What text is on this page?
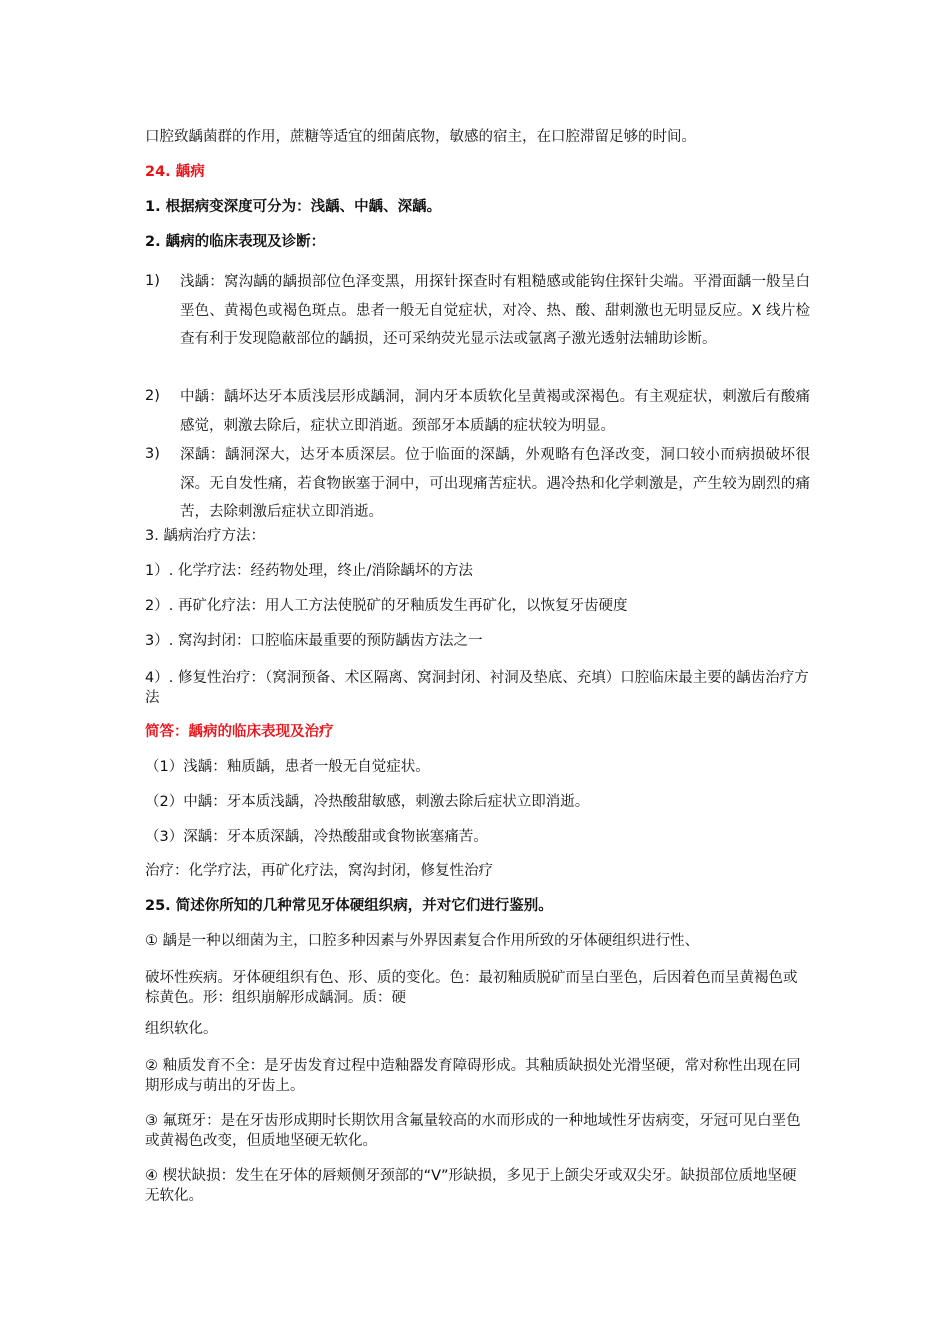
口腔致龋菌群的作用，蔗糖等适宜的细菌底物，敏感的宿主，在口腔滞留足够的时间。
24. 龋病
1. 根据病变深度可分为：浅龋、中龋、深龋。
2. 龋病的临床表现及诊断：
1) 浅龋：窝沟龋的龋损部位色泽变黑，用探针探查时有粗糙感或能钩住探针尖端。平滑面龋一般呈白垩色、黄褐色或褐色斑点。患者一般无自觉症状，对冷、热、酸、甜刺激也无明显反应。X 线片检查有利于发现隐蔽部位的龋损，还可采纳荧光显示法或氩离子激光透射法辅助诊断。
2) 中龋：龋坏达牙本质浅层形成龋洞，洞内牙本质软化呈黄褐或深褐色。有主观症状，刺激后有酸痛感觉，刺激去除后，症状立即消逝。颈部牙本质龋的症状较为明显。
3) 深龋：龋洞深大，达牙本质深层。位于临面的深龋，外观略有色泽改变，洞口较小而病损破坏很深。无自发性痛，若食物嵌塞于洞中，可出现痛苦症状。遇冷热和化学刺激是，产生较为剧烈的痛苦，去除刺激后症状立即消逝。
3. 龋病治疗方法：
1）. 化学疗法：经药物处理，终止/消除龋坏的方法
2）. 再矿化疗法：用人工方法使脱矿的牙釉质发生再矿化，以恢复牙齿硬度
3）. 窝沟封闭：口腔临床最重要的预防龋齿方法之一
4）. 修复性治疗：（窝洞预备、术区隔离、窝洞封闭、衬洞及垫底、充填）口腔临床最主要的龋齿治疗方法
简答：龋病的临床表现及治疗
（1）浅龋：釉质龋，患者一般无自觉症状。
（2）中龋：牙本质浅龋，冷热酸甜敏感，刺激去除后症状立即消逝。
（3）深龋：牙本质深龋，冷热酸甜或食物嵌塞痛苦。
治疗：化学疗法，再矿化疗法，窝沟封闭，修复性治疗
25. 简述你所知的几种常见牙体硬组织病，并对它们进行鉴别。
① 龋是一种以细菌为主，口腔多种因素与外界因素复合作用所致的牙体硬组织进行性、
破坏性疾病。牙体硬组织有色、形、质的变化。色：最初釉质脱矿而呈白垩色，后因着色而呈黄褐色或棕黄色。形：组织崩解形成龋洞。质：硬
组织软化。
② 釉质发育不全：是牙齿发育过程中造釉器发育障碍形成。其釉质缺损处光滑坚硬，常对称性出现在同期形成与萌出的牙齿上。
③ 氟斑牙：是在牙齿形成期时长期饮用含氟量较高的水而形成的一种地域性牙齿病变，牙冠可见白垩色或黄褐色改变，但质地坚硬无软化。
④ 楔状缺损：发生在牙体的唇颊侧牙颈部的“V”形缺损，多见于上颌尖牙或双尖牙。缺损部位质地坚硬无软化。
